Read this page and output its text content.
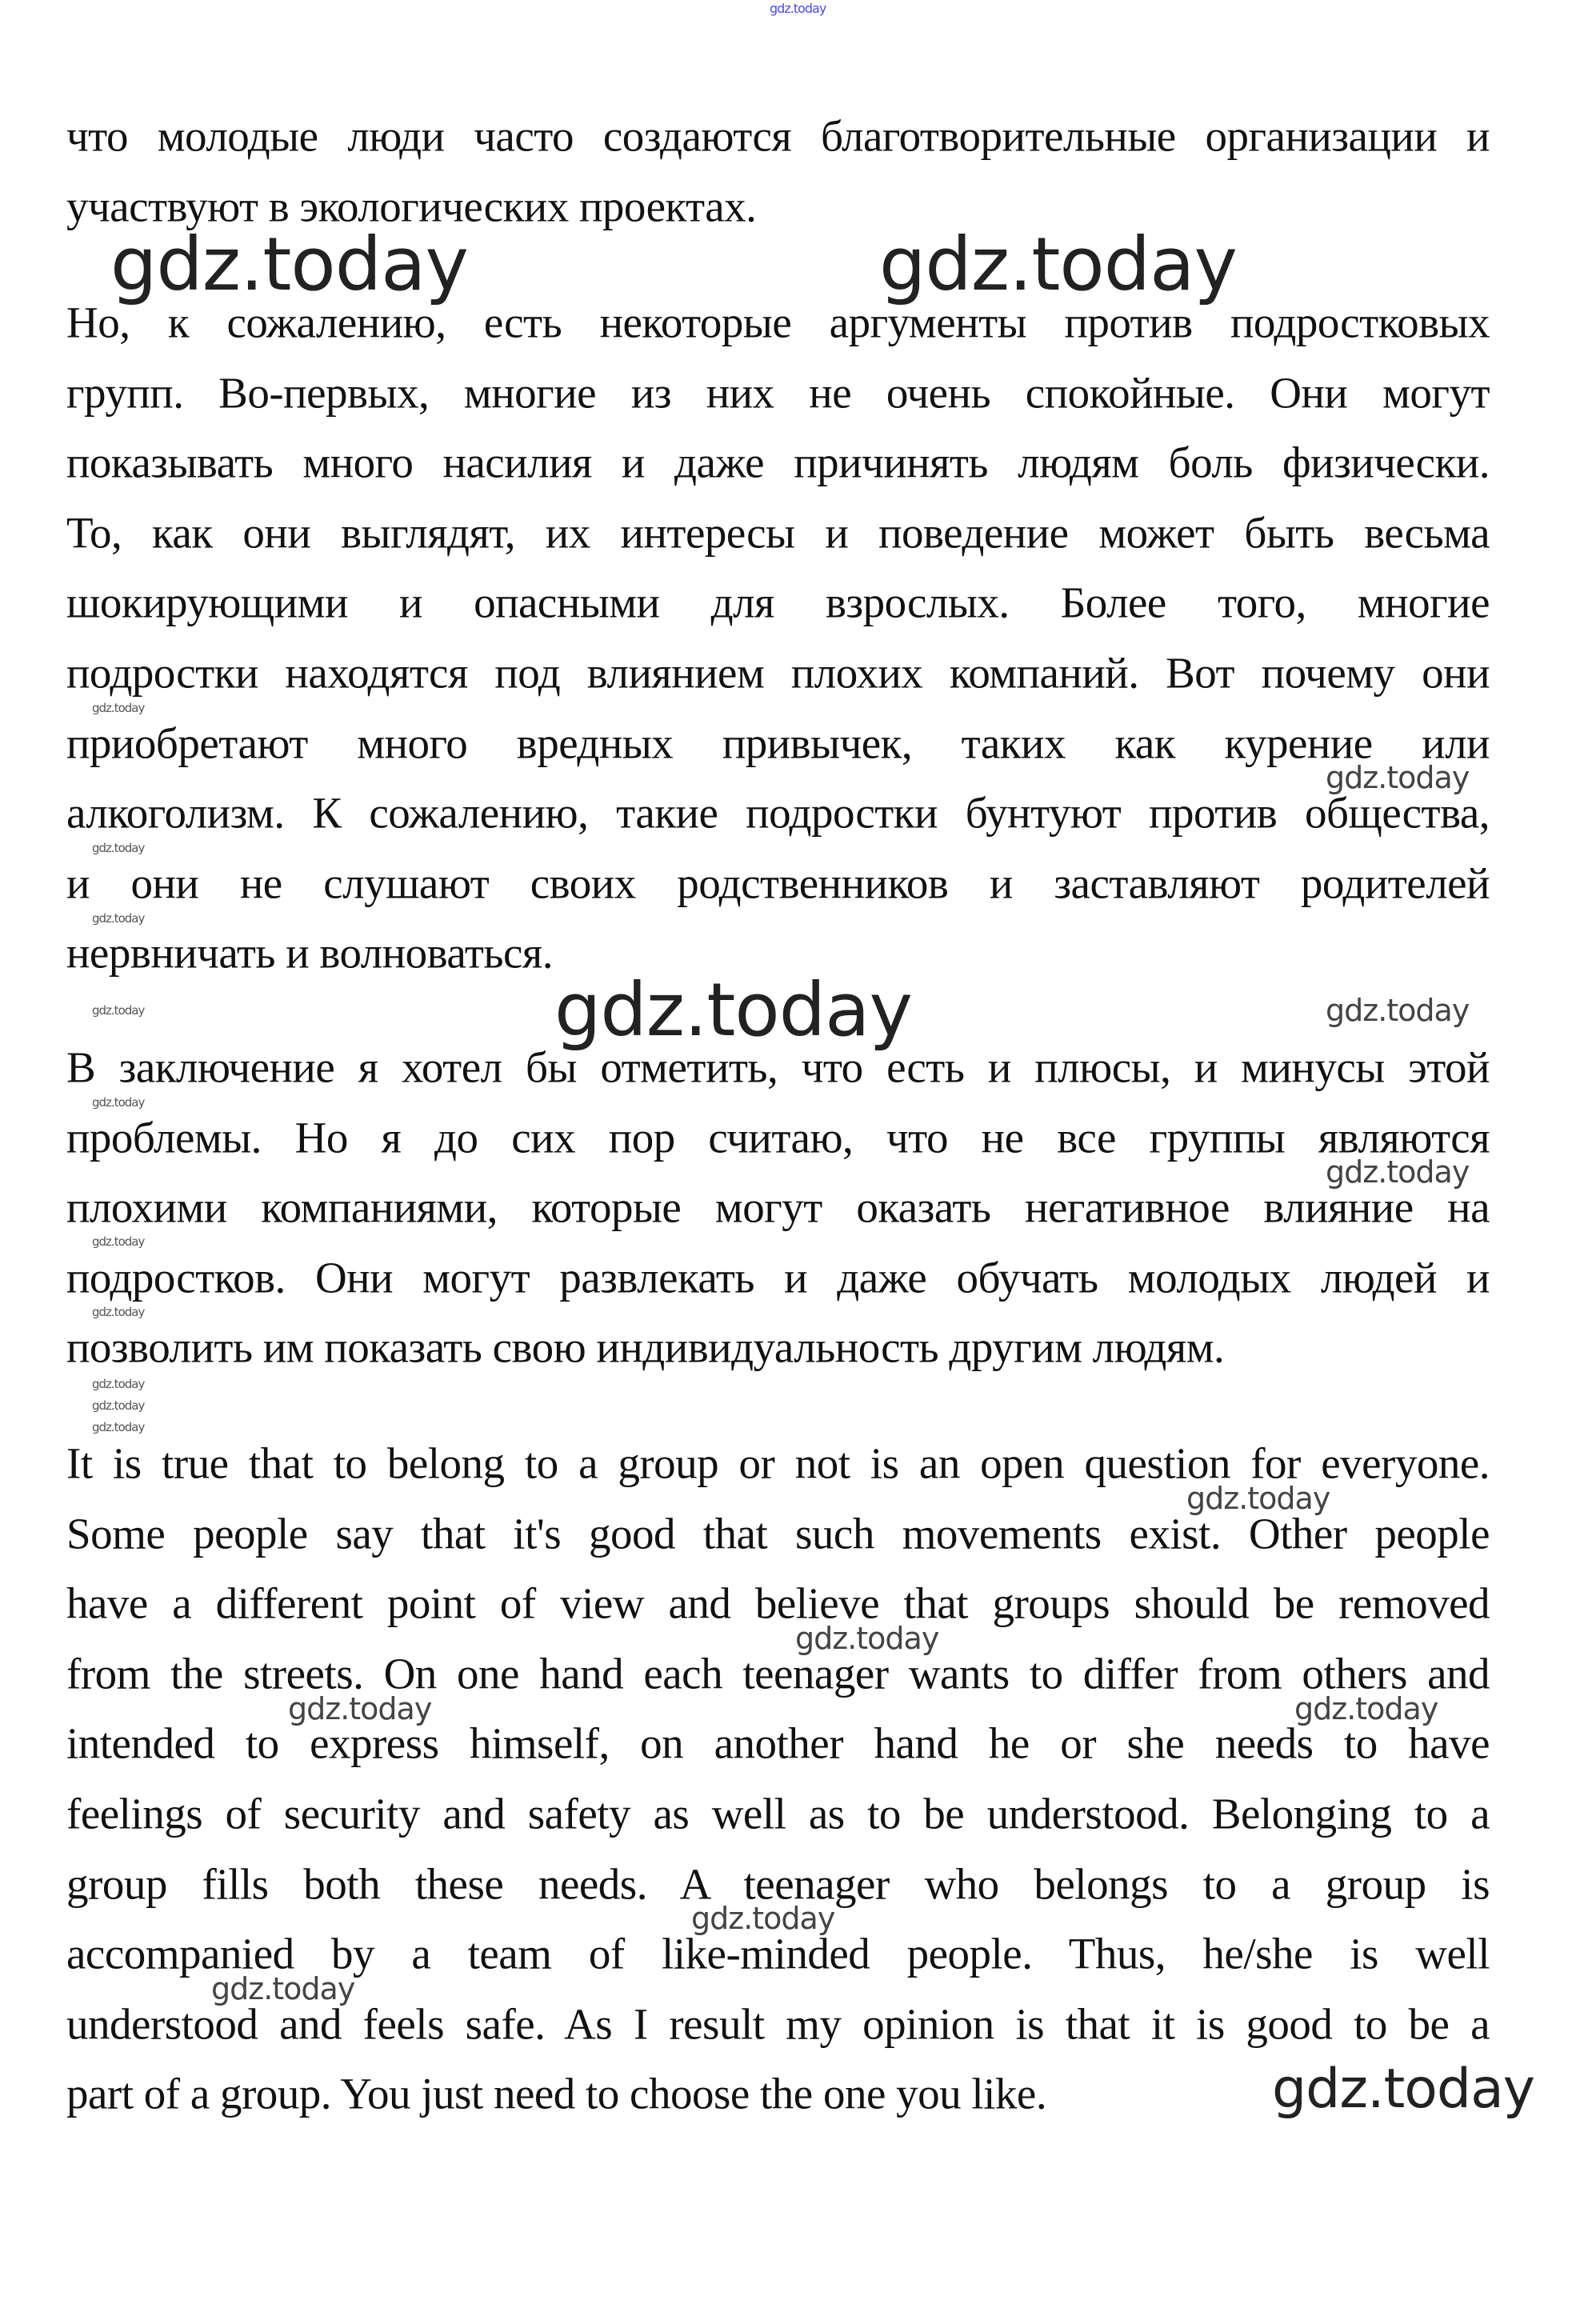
gdz.today
что молодые люди часто создаются благотворительные организации и
участвуют в экологических проектах.
Но, к сожалению, есть некоторые аргументы против подростковых
групп. Во-первых, многие из них не очень спокойные. Они могут
показывать много насилия и даже причинять людям боль физически.
То, как они выглядят, их интересы и поведение может быть весьма
шокирующими и опасными для взрослых. Более того, многие
подростки находятся под влиянием плохих компаний. Вот почему они
приобретают много вредных привычек, таких как курение или
алкоголизм. К сожалению, такие подростки бунтуют против общества,
и они не слушают своих родственников и заставляют родителей
нервничать и волноваться.
В заключение я хотел бы отметить, что есть и плюсы, и минусы этой
проблемы. Но я до сих пор считаю, что не все группы являются
плохими компаниями, которые могут оказать негативное влияние на
подростков. Они могут развлекать и даже обучать молодых людей и
позволить им показать свою индивидуальность другим людям.
It is true that to belong to a group or not is an open question for everyone.
Some people say that it's good that such movements exist. Other people
have a different point of view and believe that groups should be removed
from the streets. On one hand each teenager wants to differ from others and
intended to express himself, on another hand he or she needs to have
feelings of security and safety as well as to be understood. Belonging to a
group fills both these needs. A teenager who belongs to a group is
accompanied by a team of like-minded people. Thus, he/she is well
understood and feels safe. As I result my opinion is that it is good to be a
part of a group. You just need to choose the one you like.
gdz.today	gdz.today
gdz.today
gdz.today
gdz.today
gdz.today
gdz.today
gdz.today
gdz.today	gdz.today
gdz.today
gdz.today
gdz.today
gdz.today
gdz.today
gdz.today
gdz.today
gdz.today
gdz.today
gdz.today
gdz.today
gdz.today
gdz.today
